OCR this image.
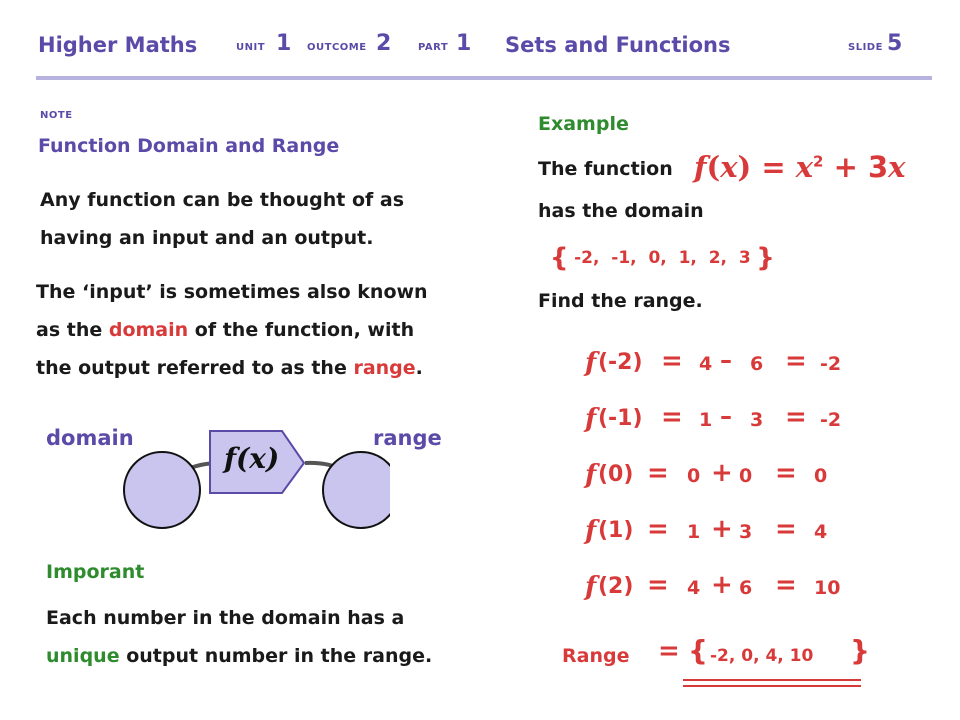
Higher Maths	UNIT 1 OUTCOME 2	PART 1 Sets and Functions	SLIDE 5
NOTE
Function Domain and Range
Any function can be thought of as
having an input and an output.
The ‘input’ is sometimes also known
as the domain of the function, with
the output referred to as the range.
domain	range
f(x)
Imporant
Each number in the domain has a
unique output number in the range.
Example
The function $f(x) = x^2 + 3x$
has the domain
{ -2,  -1,  0,  1,  2,  3 }
Find the range.
f (-2) = 4 – 6 = -2
f (-1) = 1 – 3 = -2
f (0) = 0 + 0 = 0
f (1) = 1 + 3 = 4
f (2) = 4 + 6 = 10
Range = { -2, 0, 4, 10 }
